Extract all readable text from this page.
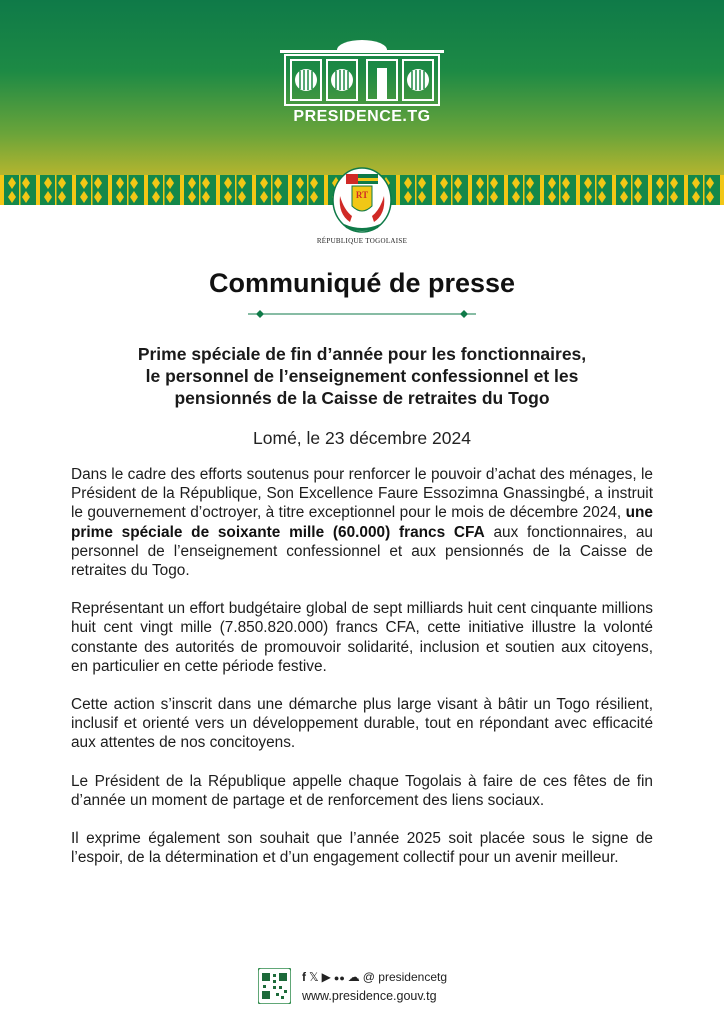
PRESIDENCE.TG
RT
RÉPUBLIQUE TOGOLAISE
Communiqué de presse
Prime spéciale de fin d’année pour les fonctionnaires,
le personnel de l’enseignement confessionnel et les
pensionnés de la Caisse de retraites du Togo
Lomé, le 23 décembre 2024

Dans le cadre des efforts soutenus pour renforcer le pouvoir d’achat des ménages, le Président de la République, Son Excellence Faure Essozimna Gnassingbé, a instruit le gouvernement d’octroyer, à titre exceptionnel pour le mois de décembre 2024, une prime spéciale de soixante mille (60.000) francs CFA aux fonctionnaires, au personnel de l’enseignement confessionnel et aux pensionnés de la Caisse de retraites du Togo.

Représentant un effort budgétaire global de sept milliards huit cent cinquante millions huit cent vingt mille (7.850.820.000) francs CFA, cette initiative illustre la volonté constante des autorités de promouvoir solidarité, inclusion et soutien aux citoyens, en particulier en cette période festive.

Cette action s’inscrit dans une démarche plus large visant à bâtir un Togo résilient, inclusif et orienté vers un développement durable, tout en répondant avec efficacité aux attentes de nos concitoyens.

Le Président de la République appelle chaque Togolais à faire de ces fêtes de fin d’année un moment de partage et de renforcement des liens sociaux.

Il exprime également son souhait que l’année 2025 soit placée sous le signe de l’espoir, de la détermination et d’un engagement collectif pour un avenir meilleur.

f 𝕏 ▶ ●● ☁ @ presidencetg
www.presidence.gouv.tg
